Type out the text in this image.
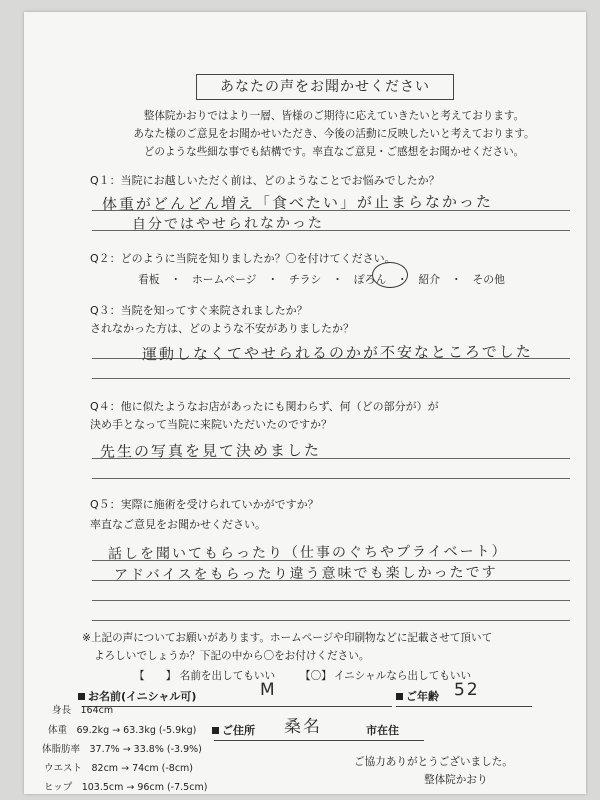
あなたの声をお聞かせください
整体院かおりではより一層、皆様のご期待に応えていきたいと考えております。
あなた様のご意見をお聞かせいただき、今後の活動に反映したいと考えております。
どのような些細な事でも結構です。率直なご意見・ご感想をお聞かせください。
Q１：当院にお越しいただく前は、どのようなことでお悩みでしたか？
体重がどんどん増え「食べたい」が止まらなかった
自分ではやせられなかった
Q２：どのように当院を知りましたか？〇を付けてください。
看板　・　ホームページ　・　チラシ　・　ぽろん　・　紹介　・　その他
Q３：当院を知ってすぐ来院されましたか？
されなかった方は、どのような不安がありましたか？
運動しなくてやせられるのかが不安なところでした
Q４：他に似たようなお店があったにも関わらず、何（どの部分が）が
決め手となって当院に来院いただいたのですか？
先生の写真を見て決めました
Q５：実際に施術を受けられていかがですか？
率直なご意見をお聞かせください。
話しを聞いてもらったり（仕事のぐちやプライベート）
アドバイスをもらったり違う意味でも楽しかったです
※上記の声についてお願いがあります。ホームページや印刷物などに記載させて頂いて
よろしいでしょうか？下記の中から〇をお付けください。
【　　】 名前を出してもいい 【〇】 イニシャルなら出してもいい
お名前(イニシャル可)	M	ご年齢 52
ご住所 桑名	市在住
身長　164cm
体重　69.2kg → 63.3kg (-5.9kg)
体脂肪率　37.7% → 33.8% (-3.9%)
ウエスト　82cm → 74cm (-8cm)
ヒップ　103.5cm → 96cm (-7.5cm)
ご協力ありがとうございました。
整体院かおり
